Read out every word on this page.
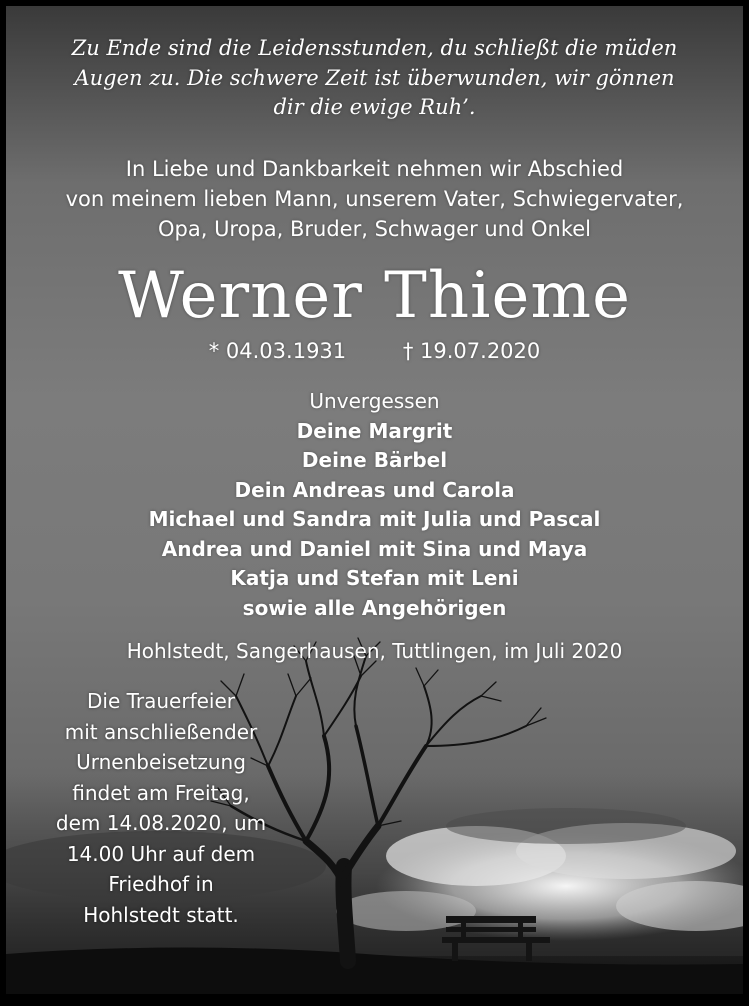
Zu Ende sind die Leidensstunden, du schließt die müden
Augen zu. Die schwere Zeit ist überwunden, wir gönnen
dir die ewige Ruh’.
In Liebe und Dankbarkeit nehmen wir Abschied
von meinem lieben Mann, unserem Vater, Schwiegervater,
Opa, Uropa, Bruder, Schwager und Onkel
Werner Thieme
* 04.03.1931	† 19.07.2020
Unvergessen
Deine Margrit
Deine Bärbel
Dein Andreas und Carola
Michael und Sandra mit Julia und Pascal
Andrea und Daniel mit Sina und Maya
Katja und Stefan mit Leni
sowie alle Angehörigen
Hohlstedt, Sangerhausen, Tuttlingen, im Juli 2020
Die Trauerfeier
mit anschließender
Urnenbeisetzung
findet am Freitag,
dem 14.08.2020, um
14.00 Uhr auf dem
Friedhof in
Hohlstedt statt.
